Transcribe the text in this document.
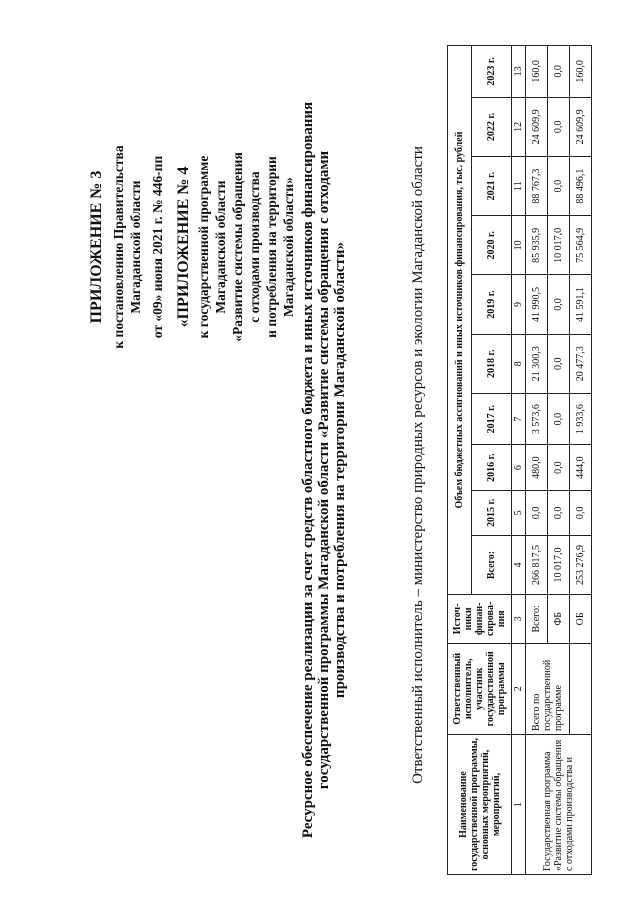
ПРИЛОЖЕНИЕ № 3 к постановлению Правительства Магаданской области от «09» июня 2021 г. № 446-пп «ПРИЛОЖЕНИЕ № 4 к государственной программе Магаданской области «Развитие системы обращения с отходами производства и потребления на территории Магаданской области» Ресурсное обеспечение реализации за счет средств областного бюджета и иных источников финансирования государственной программы Магаданской области «Развитие системы обращения с отходами производства и потребления на территории Магаданской области»	Ответственный исполнитель – министерство природных ресурсов и экологии Магаданской области
Наименование государственной программы, основных мероприятий, мероприятий,	Ответственный исполнитель, участник государственной программы	Источ-ники финан-сирова-ния	Объем бюджетных ассигнований и иных источников финансирования, тыс. рублей									
			Всего:	2015 г.	2016 г.	2017 г.	2018 г.	2019 г.	2020 г.	2021 г.	2022 г.	2023 г.
1	2	3	4	5	6	7	8	9	10	11	12	13
Государственная программа «Развитие системы обращения с отходами производства и	Всего по государственной программе	Всего:	266 817,5	0,0	480,0	3 573,6	21 300,3	41 990,5	85 935,9	88 767,3	24 609,9	160,0
		ФБ	10 017,0	0,0	0,0	0,0	0,0	0,0	10 017,0	0,0	0,0	0,0
		ОБ	253 276,9	0,0	444,0	1 933,6	20 477,3	41 591,1	75 564,9	88 496,1	24 609,9	160,0
